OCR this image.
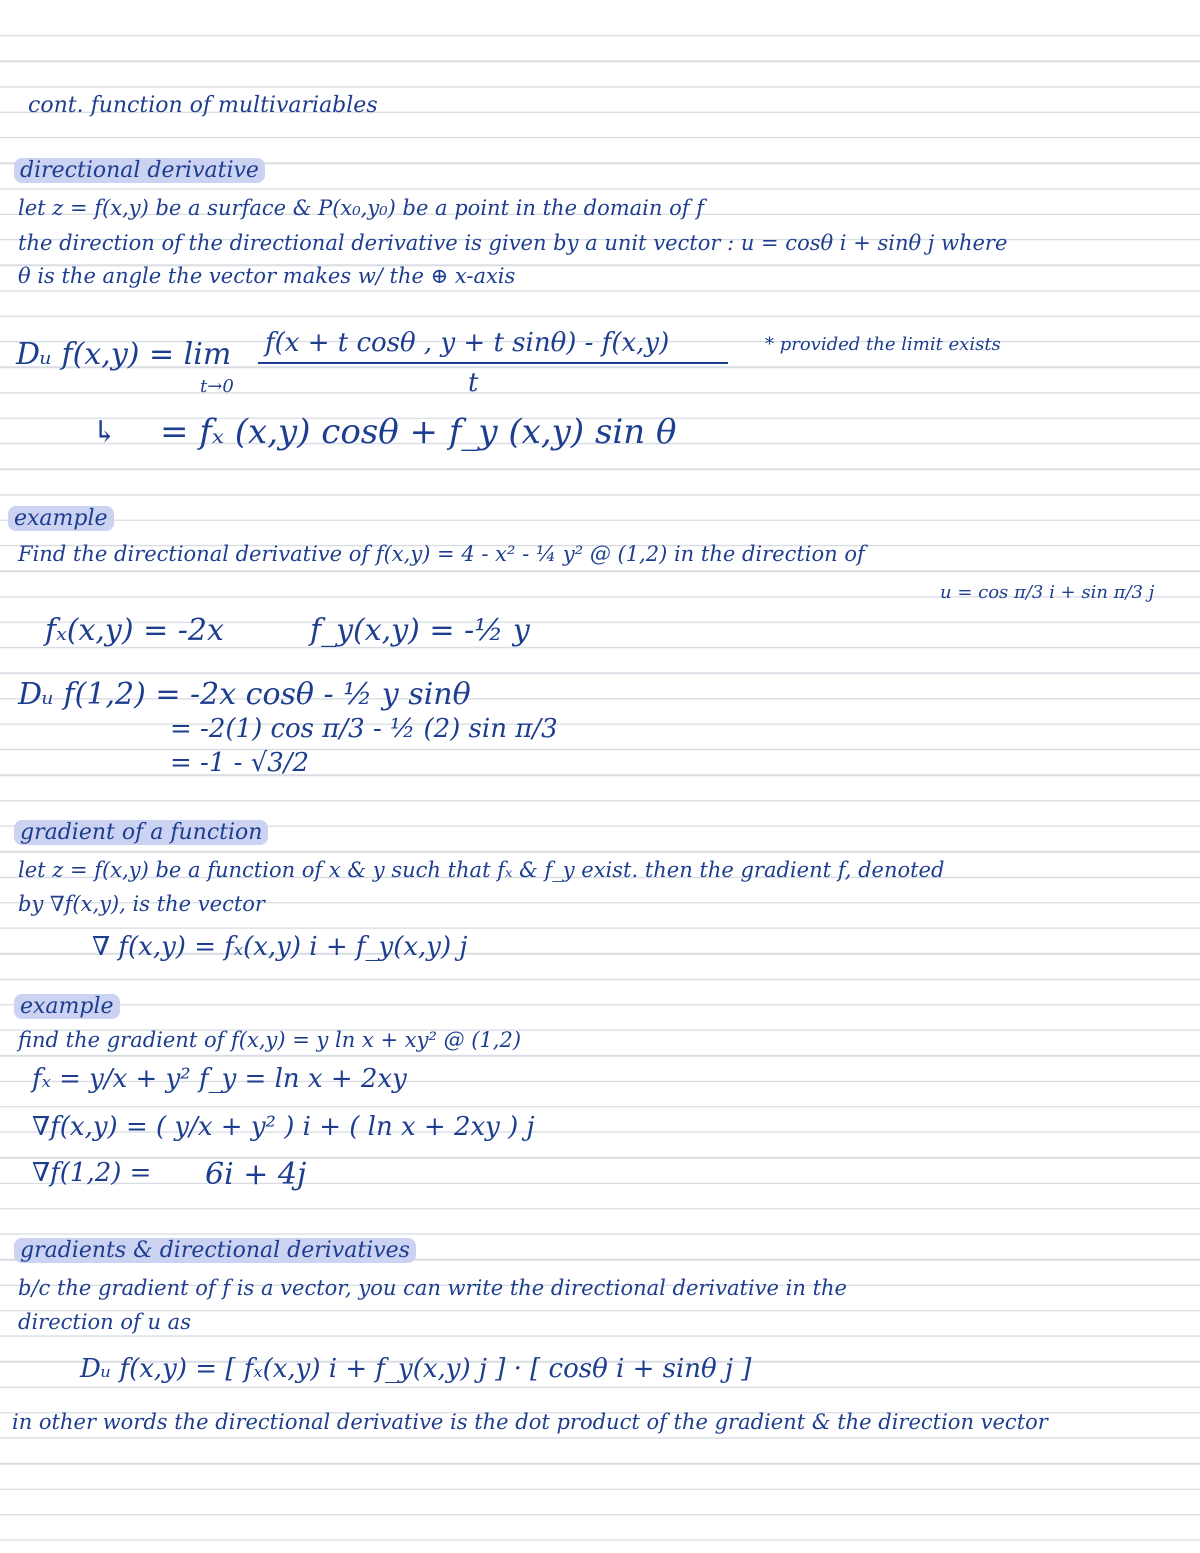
cont. function of multivariables
directional derivative
let z = f(x,y) be a surface & P(x₀,y₀) be a point in the domain of f
the direction of the directional derivative is given by a unit vector : u = cosθ i + sinθ j where
θ is the angle the vector makes w/ the ⊕ x-axis
Dᵤ f(x,y) = lim f(x + t cosθ , y + t sinθ) - f(x,y)
t
t→0
* provided the limit exists
↳ = fₓ (x,y) cosθ + f_y (x,y) sin θ
example
Find the directional derivative of f(x,y) = 4 - x² - ¼ y² @ (1,2) in the direction of
u = cos π/3 i + sin π/3 j
fₓ(x,y) = -2x	f_y(x,y) = -½ y
Dᵤ f(1,2) = -2x cosθ - ½ y sinθ
= -2(1) cos π/3 - ½ (2) sin π/3
= -1 - √3/2
gradient of a function
let z = f(x,y) be a function of x & y such that fₓ & f_y exist. then the gradient f, denoted
by ∇f(x,y), is the vector
∇ f(x,y) = fₓ(x,y) i + f_y(x,y) j
example
find the gradient of f(x,y) = y ln x + xy² @ (1,2)
fₓ = y/x + y² f_y = ln x + 2xy
∇f(x,y) = ( y/x + y² ) i + ( ln x + 2xy ) j
∇f(1,2) = 6i + 4j
gradients & directional derivatives
b/c the gradient of f is a vector, you can write the directional derivative in the
direction of u as
Dᵤ f(x,y) = [ fₓ(x,y) i + f_y(x,y) j ] · [ cosθ i + sinθ j ]
in other words the directional derivative is the dot product of the gradient & the direction vector
